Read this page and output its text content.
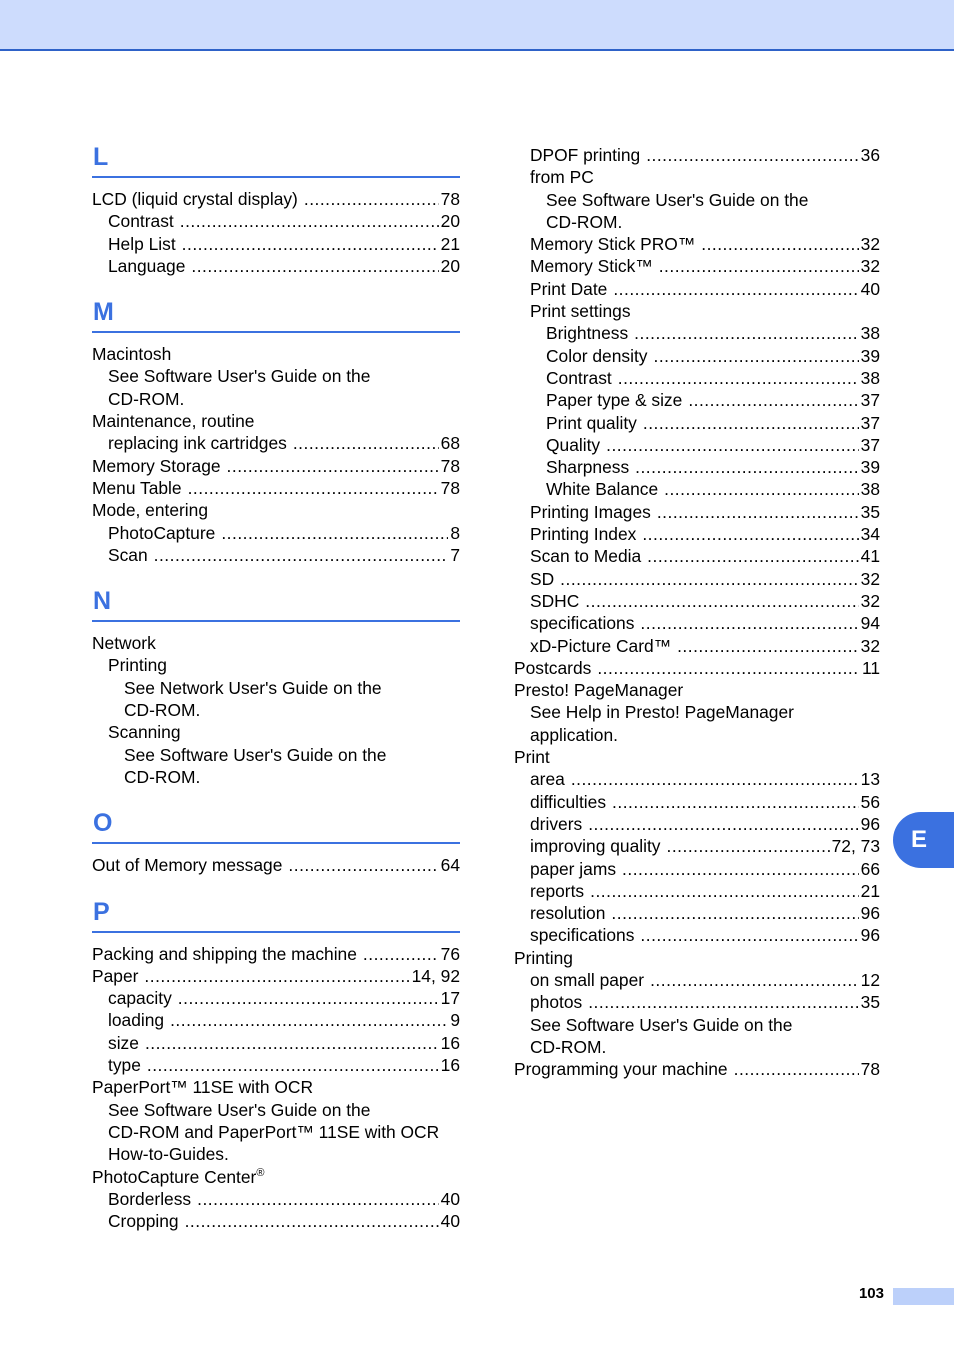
L
LCD (liquid crystal display) .....	78
Contrast .....	20
Help List .....	21
Language .....	20
M
Macintosh
See Software User's Guide on the
CD-ROM.
Maintenance, routine
replacing ink cartridges .....	68
Memory Storage .....	78
Menu Table .....	78
Mode, entering
PhotoCapture .....	8
Scan .....	7
N
Network
Printing
See Network User's Guide on the
CD-ROM.
Scanning
See Software User's Guide on the
CD-ROM.
O
Out of Memory message .....	64
P
Packing and shipping the machine .....	76
Paper .....	14, 92
capacity .....	17
loading .....	9
size .....	16
type .....	16
PaperPort™ 11SE with OCR
See Software User's Guide on the
CD-ROM and PaperPort™ 11SE with OCR
How-to-Guides.
PhotoCapture Center®
Borderless .....	40
Cropping .....	40
DPOF printing .....	36
from PC
See Software User's Guide on the
CD-ROM.
Memory Stick PRO™ .....	32
Memory Stick™ .....	32
Print Date .....	40
Print settings
Brightness .....	38
Color density .....	39
Contrast .....	38
Paper type & size .....	37
Print quality .....	37
Quality .....	37
Sharpness .....	39
White Balance .....	38
Printing Images .....	35
Printing Index .....	34
Scan to Media .....	41
SD .....	32
SDHC .....	32
specifications .....	94
xD-Picture Card™ .....	32
Postcards .....	11
Presto! PageManager
See Help in Presto! PageManager
application.
Print
area .....	13
difficulties .....	56
drivers .....	96
improving quality .....	72, 73
paper jams .....	66
reports .....	21
resolution .....	96
specifications .....	96
Printing
on small paper .....	12
photos .....	35
See Software User's Guide on the
CD-ROM.
Programming your machine .....	78
E
103
